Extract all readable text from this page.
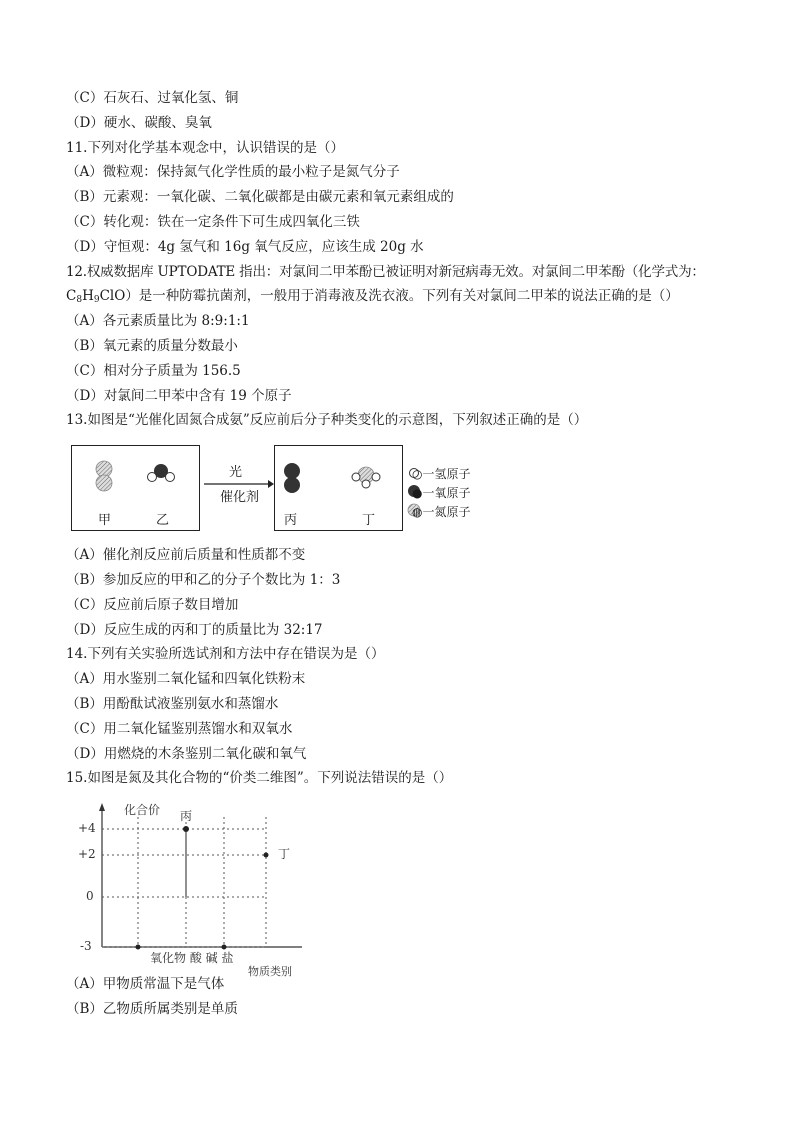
（C）石灰石、过氧化氢、铜
（D）硬水、碳酸、臭氧
11.下列对化学基本观念中，认识错误的是（）
（A）微粒观：保持氮气化学性质的最小粒子是氮气分子
（B）元素观：一氧化碳、二氧化碳都是由碳元素和氧元素组成的
（C）转化观：铁在一定条件下可生成四氧化三铁
（D）守恒观：4g 氢气和 16g 氧气反应，应该生成 20g 水
12.权威数据库 UPTODATE 指出：对氯间二甲苯酚已被证明对新冠病毒无效。对氯间二甲苯酚（化学式为：
$C_8H_9ClO$）是一种防霉抗菌剂，一般用于消毒液及洗衣液。下列有关对氯间二甲苯的说法正确的是（）
（A）各元素质量比为 8:9:1:1
（B）氧元素的质量分数最小
（C）相对分子质量为 156.5
（D）对氯间二甲苯中含有 19 个原子
13.如图是“光催化固氮合成氨”反应前后分子种类变化的示意图，下列叙述正确的是（）
光
催化剂
甲	乙	丙	丁
○一氢原子
●一氧原子
◍一氮原子
（A）催化剂反应前后质量和性质都不变
（B）参加反应的甲和乙的分子个数比为 1：3
（C）反应前后原子数目增加
（D）反应生成的丙和丁的质量比为 32:17
14.下列有关实验所选试剂和方法中存在错误为是（）
（A）用水鉴别二氧化锰和四氧化铁粉末
（B）用酚酞试液鉴别氨水和蒸馏水
（C）用二氧化锰鉴别蒸馏水和双氧水
（D）用燃烧的木条鉴别二氧化碳和氧气
15.如图是氮及其化合物的“价类二维图”。下列说法错误的是（）
化合价
+4
+2
0
-3
丙
丁
氧化物 酸 碱 盐
物质类别
（A）甲物质常温下是气体
（B）乙物质所属类别是单质
